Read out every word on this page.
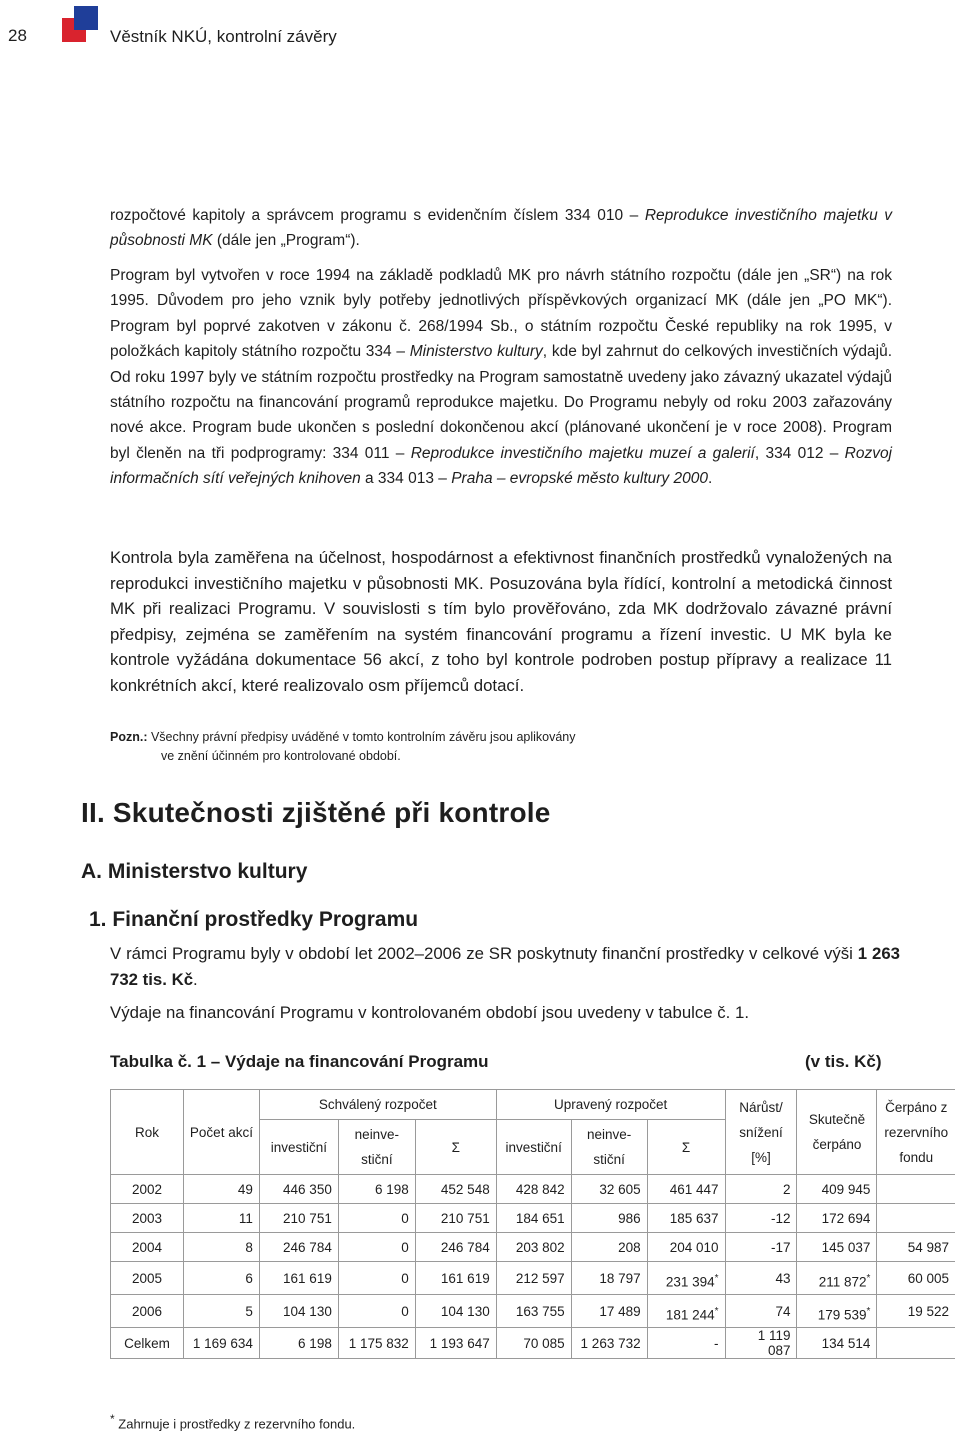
28	Věstník NKÚ, kontrolní závěry
rozpočtové kapitoly a správcem programu s evidenčním číslem 334 010 – Reprodukce investičního majetku v působnosti MK (dále jen „Program“).
Program byl vytvořen v roce 1994 na základě podkladů MK pro návrh státního rozpočtu (dále jen „SR“) na rok 1995. Důvodem pro jeho vznik byly potřeby jednotlivých příspěvkových organizací MK (dále jen „PO MK“). Program byl poprvé zakotven v zákonu č. 268/1994 Sb., o státním rozpočtu České republiky na rok 1995, v položkách kapitoly státního rozpočtu 334 – Ministerstvo kultury, kde byl zahrnut do celkových investičních výdajů. Od roku 1997 byly ve státním rozpočtu prostředky na Program samostatně uvedeny jako závazný ukazatel výdajů státního rozpočtu na financování programů reprodukce majetku. Do Programu nebyly od roku 2003 zařazovány nové akce. Program bude ukončen s poslední dokončenou akcí (plánované ukončení je v roce 2008). Program byl členěn na tři podprogramy: 334 011 – Reprodukce investičního majetku muzeí a galerií, 334 012 – Rozvoj informačních sítí veřejných knihoven a 334 013 – Praha – evropské město kultury 2000.
Kontrola byla zaměřena na účelnost, hospodárnost a efektivnost finančních prostředků vynaložených na reprodukci investičního majetku v působnosti MK. Posuzována byla řídící, kontrolní a metodická činnost MK při realizaci Programu. V souvislosti s tím bylo prověřováno, zda MK dodržovalo závazné právní předpisy, zejména se zaměřením na systém financování programu a řízení investic. U MK byla ke kontrole vyžádána dokumentace 56 akcí, z toho byl kontrole podroben postup přípravy a realizace 11 konkrétních akcí, které realizovalo osm příjemců dotací.
Pozn.: Všechny právní předpisy uváděné v tomto kontrolním závěru jsou aplikovány
ve znění účinném pro kontrolované období.
II. Skutečnosti zjištěné při kontrole
A. Ministerstvo kultury
1. Finanční prostředky Programu
V rámci Programu byly v období let 2002–2006 ze SR poskytnuty finanční prostředky v celkové výši 1 263 732 tis. Kč.
Výdaje na financování Programu v kontrolovaném období jsou uvedeny v tabulce č. 1.
Tabulka č. 1 – Výdaje na financování Programu	(v tis. Kč)
Rok	Počet akcí	Schválený rozpočet			Upravený rozpočet			Nárůst/ snížení [%]	Skutečně čerpáno	Čerpáno z rezervního fondu
		investiční	neinvestiční	Σ	investiční	neinvestiční	Σ			
2002	49	446 350	6 198	452 548	428 842	32 605	461 447	2	409 945	
2003	11	210 751	0	210 751	184 651	986	185 637	-12	172 694	
2004	8	246 784	0	246 784	203 802	208	204 010	-17	145 037	54 987
2005	6	161 619	0	161 619	212 597	18 797	231 394*	43	211 872*	60 005
2006	5	104 130	0	104 130	163 755	17 489	181 244*	74	179 539*	19 522
Celkem	1 169 634	6 198	1 175 832	1 193 647	70 085	1 263 732	-	1 119 087	134 514	
* Zahrnuje i prostředky z rezervního fondu.
